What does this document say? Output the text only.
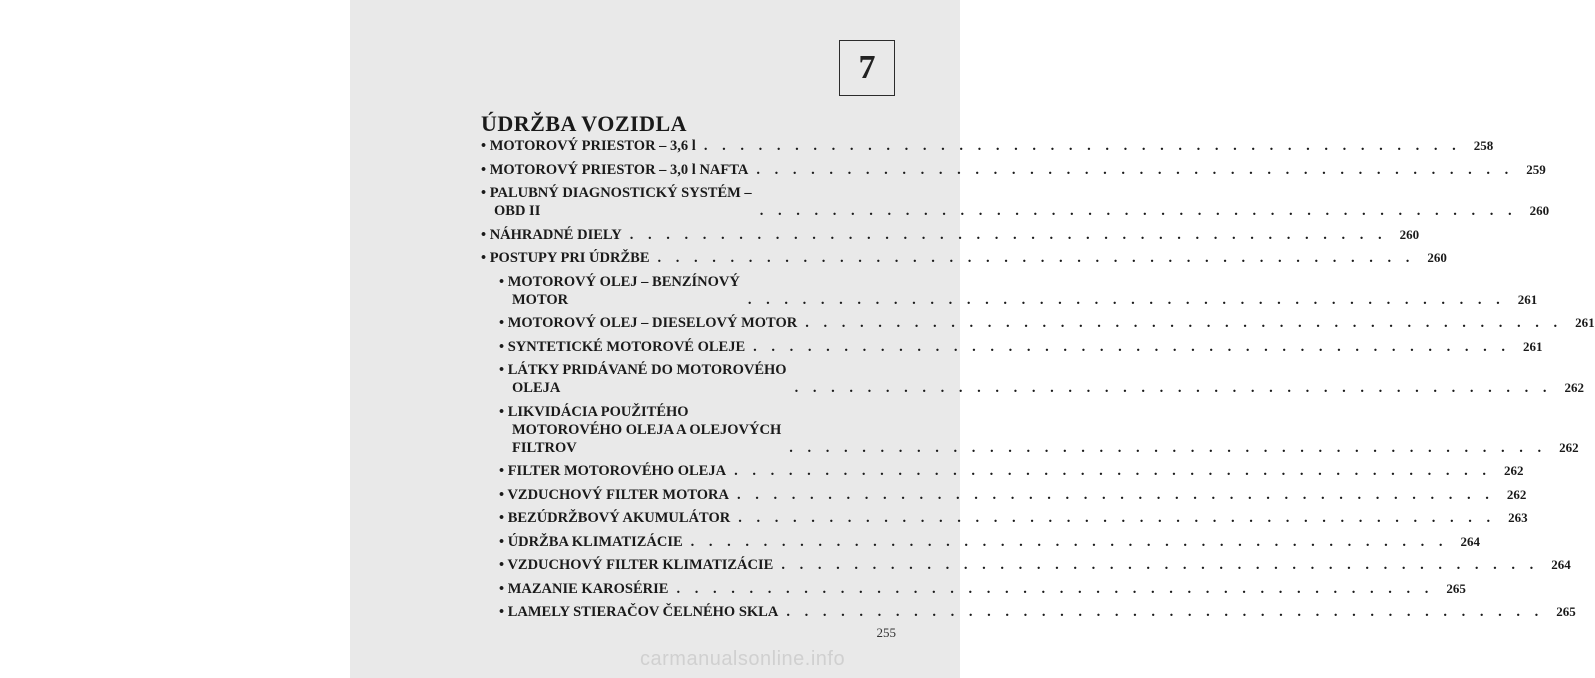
7
ÚDRŽBA VOZIDLA
• MOTOROVÝ PRIESTOR – 3,6 l . . . . . . . . . . . . . . . . . . . . . . . . . . . . . . . . . . . . . . . . . . 258
• MOTOROVÝ PRIESTOR – 3,0 l NAFTA . . . . . . . . . . . . . . . . . . . . . . . . . . . . . . . . . . . . . . . . . . 259
• PALUBNÝ DIAGNOSTICKÝ SYSTÉM –
OBD II	. . . . . . . . . . . . . . . . . . . . . . . . . . . . . . . . . . . . . . . . . . 260
• NÁHRADNÉ DIELY . . . . . . . . . . . . . . . . . . . . . . . . . . . . . . . . . . . . . . . . . . 260
• POSTUPY PRI ÚDRŽBE . . . . . . . . . . . . . . . . . . . . . . . . . . . . . . . . . . . . . . . . . . 260
• MOTOROVÝ OLEJ – BENZÍNOVÝ
MOTOR	. . . . . . . . . . . . . . . . . . . . . . . . . . . . . . . . . . . . . . . . . . 261
• MOTOROVÝ OLEJ – DIESELOVÝ MOTOR . . . . . . . . . . . . . . . . . . . . . . . . . . . . . . . . . . . . . . . . . . 261
• SYNTETICKÉ MOTOROVÉ OLEJE . . . . . . . . . . . . . . . . . . . . . . . . . . . . . . . . . . . . . . . . . . 261
• LÁTKY PRIDÁVANÉ DO MOTOROVÉHO
OLEJA	. . . . . . . . . . . . . . . . . . . . . . . . . . . . . . . . . . . . . . . . . . 262
• LIKVIDÁCIA POUŽITÉHO
MOTOROVÉHO OLEJA A OLEJOVÝCH
FILTROV	. . . . . . . . . . . . . . . . . . . . . . . . . . . . . . . . . . . . . . . . . . 262
• FILTER MOTOROVÉHO OLEJA . . . . . . . . . . . . . . . . . . . . . . . . . . . . . . . . . . . . . . . . . . 262
• VZDUCHOVÝ FILTER MOTORA . . . . . . . . . . . . . . . . . . . . . . . . . . . . . . . . . . . . . . . . . . 262
• BEZÚDRŽBOVÝ AKUMULÁTOR . . . . . . . . . . . . . . . . . . . . . . . . . . . . . . . . . . . . . . . . . . 263
• ÚDRŽBA KLIMATIZÁCIE . . . . . . . . . . . . . . . . . . . . . . . . . . . . . . . . . . . . . . . . . . 264
• VZDUCHOVÝ FILTER KLIMATIZÁCIE . . . . . . . . . . . . . . . . . . . . . . . . . . . . . . . . . . . . . . . . . . 264
• MAZANIE KAROSÉRIE . . . . . . . . . . . . . . . . . . . . . . . . . . . . . . . . . . . . . . . . . . 265
• LAMELY STIERAČOV ČELNÉHO SKLA . . . . . . . . . . . . . . . . . . . . . . . . . . . . . . . . . . . . . . . . . . 265
255
carmanualsonline.info
